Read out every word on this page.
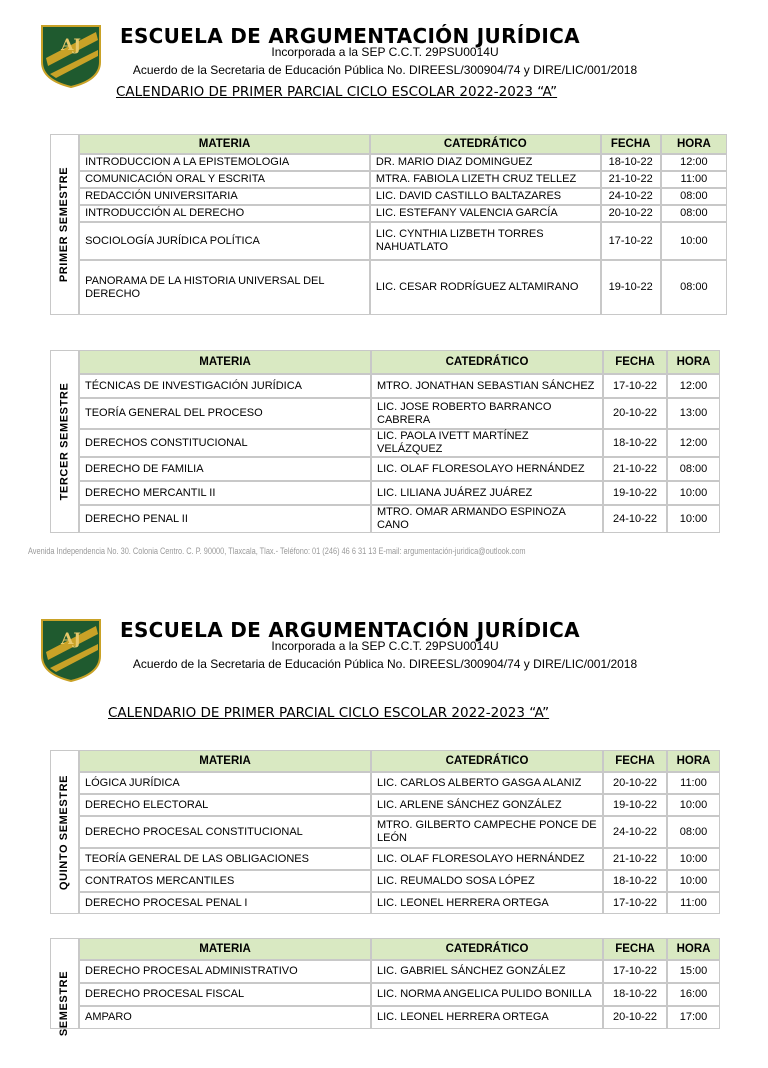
AJ ESCUELA DE ARGUMENTACIÓN JURÍDICA
Incorporada a la SEP C.C.T. 29PSU0014U
Acuerdo de la Secretaria de Educación Pública No. DIREESL/300904/74 y DIRE/LIC/001/2018
CALENDARIO DE PRIMER PARCIAL CICLO ESCOLAR 2022-2023 “A”
PRIMER SEMESTRE	MATERIA	CATEDRÁTICO	FECHA	HORA
	INTRODUCCION A LA EPISTEMOLOGIA	DR. MARIO DIAZ DOMINGUEZ	18-10-22	12:00
	COMUNICACIÓN ORAL Y ESCRITA	MTRA. FABIOLA LIZETH CRUZ TELLEZ	21-10-22	11:00
	REDACCIÓN UNIVERSITARIA	LIC. DAVID CASTILLO BALTAZARES	24-10-22	08:00
	INTRODUCCIÓN AL DERECHO	LIC. ESTEFANY VALENCIA GARCÍA	20-10-22	08:00
	SOCIOLOGÍA JURÍDICA POLÍTICA	LIC. CYNTHIA LIZBETH TORRES NAHUATLATO	17-10-22	10:00
	PANORAMA DE LA HISTORIA UNIVERSAL DEL DERECHO	LIC. CESAR RODRÍGUEZ ALTAMIRANO	19-10-22	08:00
TERCER SEMESTRE	MATERIA	CATEDRÁTICO	FECHA	HORA
	TÉCNICAS DE INVESTIGACIÓN JURÍDICA	MTRO. JONATHAN SEBASTIAN SÁNCHEZ	17-10-22	12:00
	TEORÍA GENERAL DEL PROCESO	LIC. JOSE ROBERTO BARRANCO CABRERA	20-10-22	13:00
	DERECHOS CONSTITUCIONAL	LIC. PAOLA IVETT MARTÍNEZ VELÁZQUEZ	18-10-22	12:00
	DERECHO DE FAMILIA	LIC. OLAF FLORESOLAYO HERNÁNDEZ	21-10-22	08:00
	DERECHO MERCANTIL II	LIC. LILIANA JUÁREZ JUÁREZ	19-10-22	10:00
	DERECHO PENAL II	MTRO. OMAR ARMANDO ESPINOZA CANO	24-10-22	10:00
Avenida Independencia No. 30. Colonia Centro. C. P. 90000, Tlaxcala, Tlax.- Teléfono: 01 (246) 46 6 31 13 E-mail: argumentación-juridica@outlook.com
AJ ESCUELA DE ARGUMENTACIÓN JURÍDICA
Incorporada a la SEP C.C.T. 29PSU0014U
Acuerdo de la Secretaria de Educación Pública No. DIREESL/300904/74 y DIRE/LIC/001/2018
CALENDARIO DE PRIMER PARCIAL CICLO ESCOLAR 2022-2023 “A”
QUINTO SEMESTRE	MATERIA	CATEDRÁTICO	FECHA	HORA
	LÓGICA JURÍDICA	LIC. CARLOS ALBERTO GASGA ALANIZ	20-10-22	11:00
	DERECHO ELECTORAL	LIC. ARLENE SÁNCHEZ GONZÁLEZ	19-10-22	10:00
	DERECHO PROCESAL CONSTITUCIONAL	MTRO. GILBERTO CAMPECHE PONCE DE LEÓN	24-10-22	08:00
	TEORÍA GENERAL DE LAS OBLIGACIONES	LIC. OLAF FLORESOLAYO HERNÁNDEZ	21-10-22	10:00
	CONTRATOS MERCANTILES	LIC. REUMALDO SOSA LÓPEZ	18-10-22	10:00
	DERECHO PROCESAL PENAL I	LIC. LEONEL HERRERA ORTEGA	17-10-22	11:00
SEMESTRE	MATERIA	CATEDRÁTICO	FECHA	HORA
	DERECHO PROCESAL ADMINISTRATIVO	LIC. GABRIEL SÁNCHEZ GONZÁLEZ	17-10-22	15:00
	DERECHO PROCESAL FISCAL	LIC. NORMA ANGELICA PULIDO BONILLA	18-10-22	16:00
	AMPARO	LIC. LEONEL HERRERA ORTEGA	20-10-22	17:00
